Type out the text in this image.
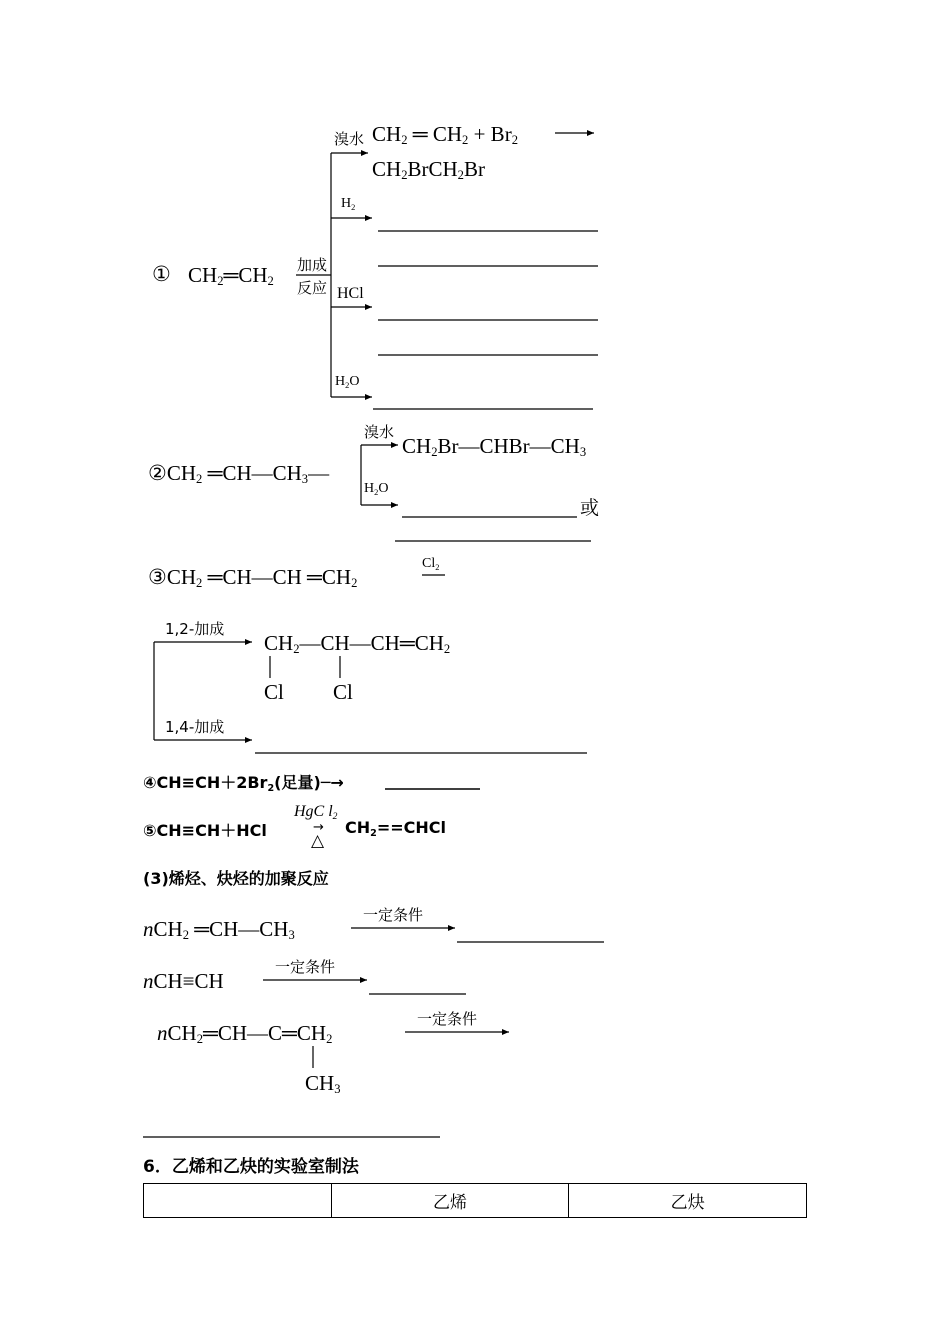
① $CH_2═CH_2$
加成
反应
溴水 $CH_2$ ═ $CH_2 + Br_2$
$CH_2BrCH_2Br$
$H_2$
HCl
$H_2O$
$②CH_2$ $═CH—CH_3—$
溴水
$CH_2Br—CHBr—CH_3$
$H_2O$
或
$③CH_2$ ═CH—CH $═CH_2$
$Cl_2$
1,2-加成
$CH_2—CH—CH═CH_2$
Cl Cl
1,4-加成
$④CH\equiv CH+2Br_2$(足量)─→
⑤CH≡CH＋HCl
HgC $l_2$
→
△
$CH_2==CHCl$
(3)烯烃、炔烃的加聚反应
nCH$_2$ $═CH—CH_3$
一定条件
nCH≡CH
一定条件
$nCH_2═CH—C═CH_2$
$CH_3$
一定条件
6．乙烯和乙炔的实验室制法
	乙烯	乙炔
